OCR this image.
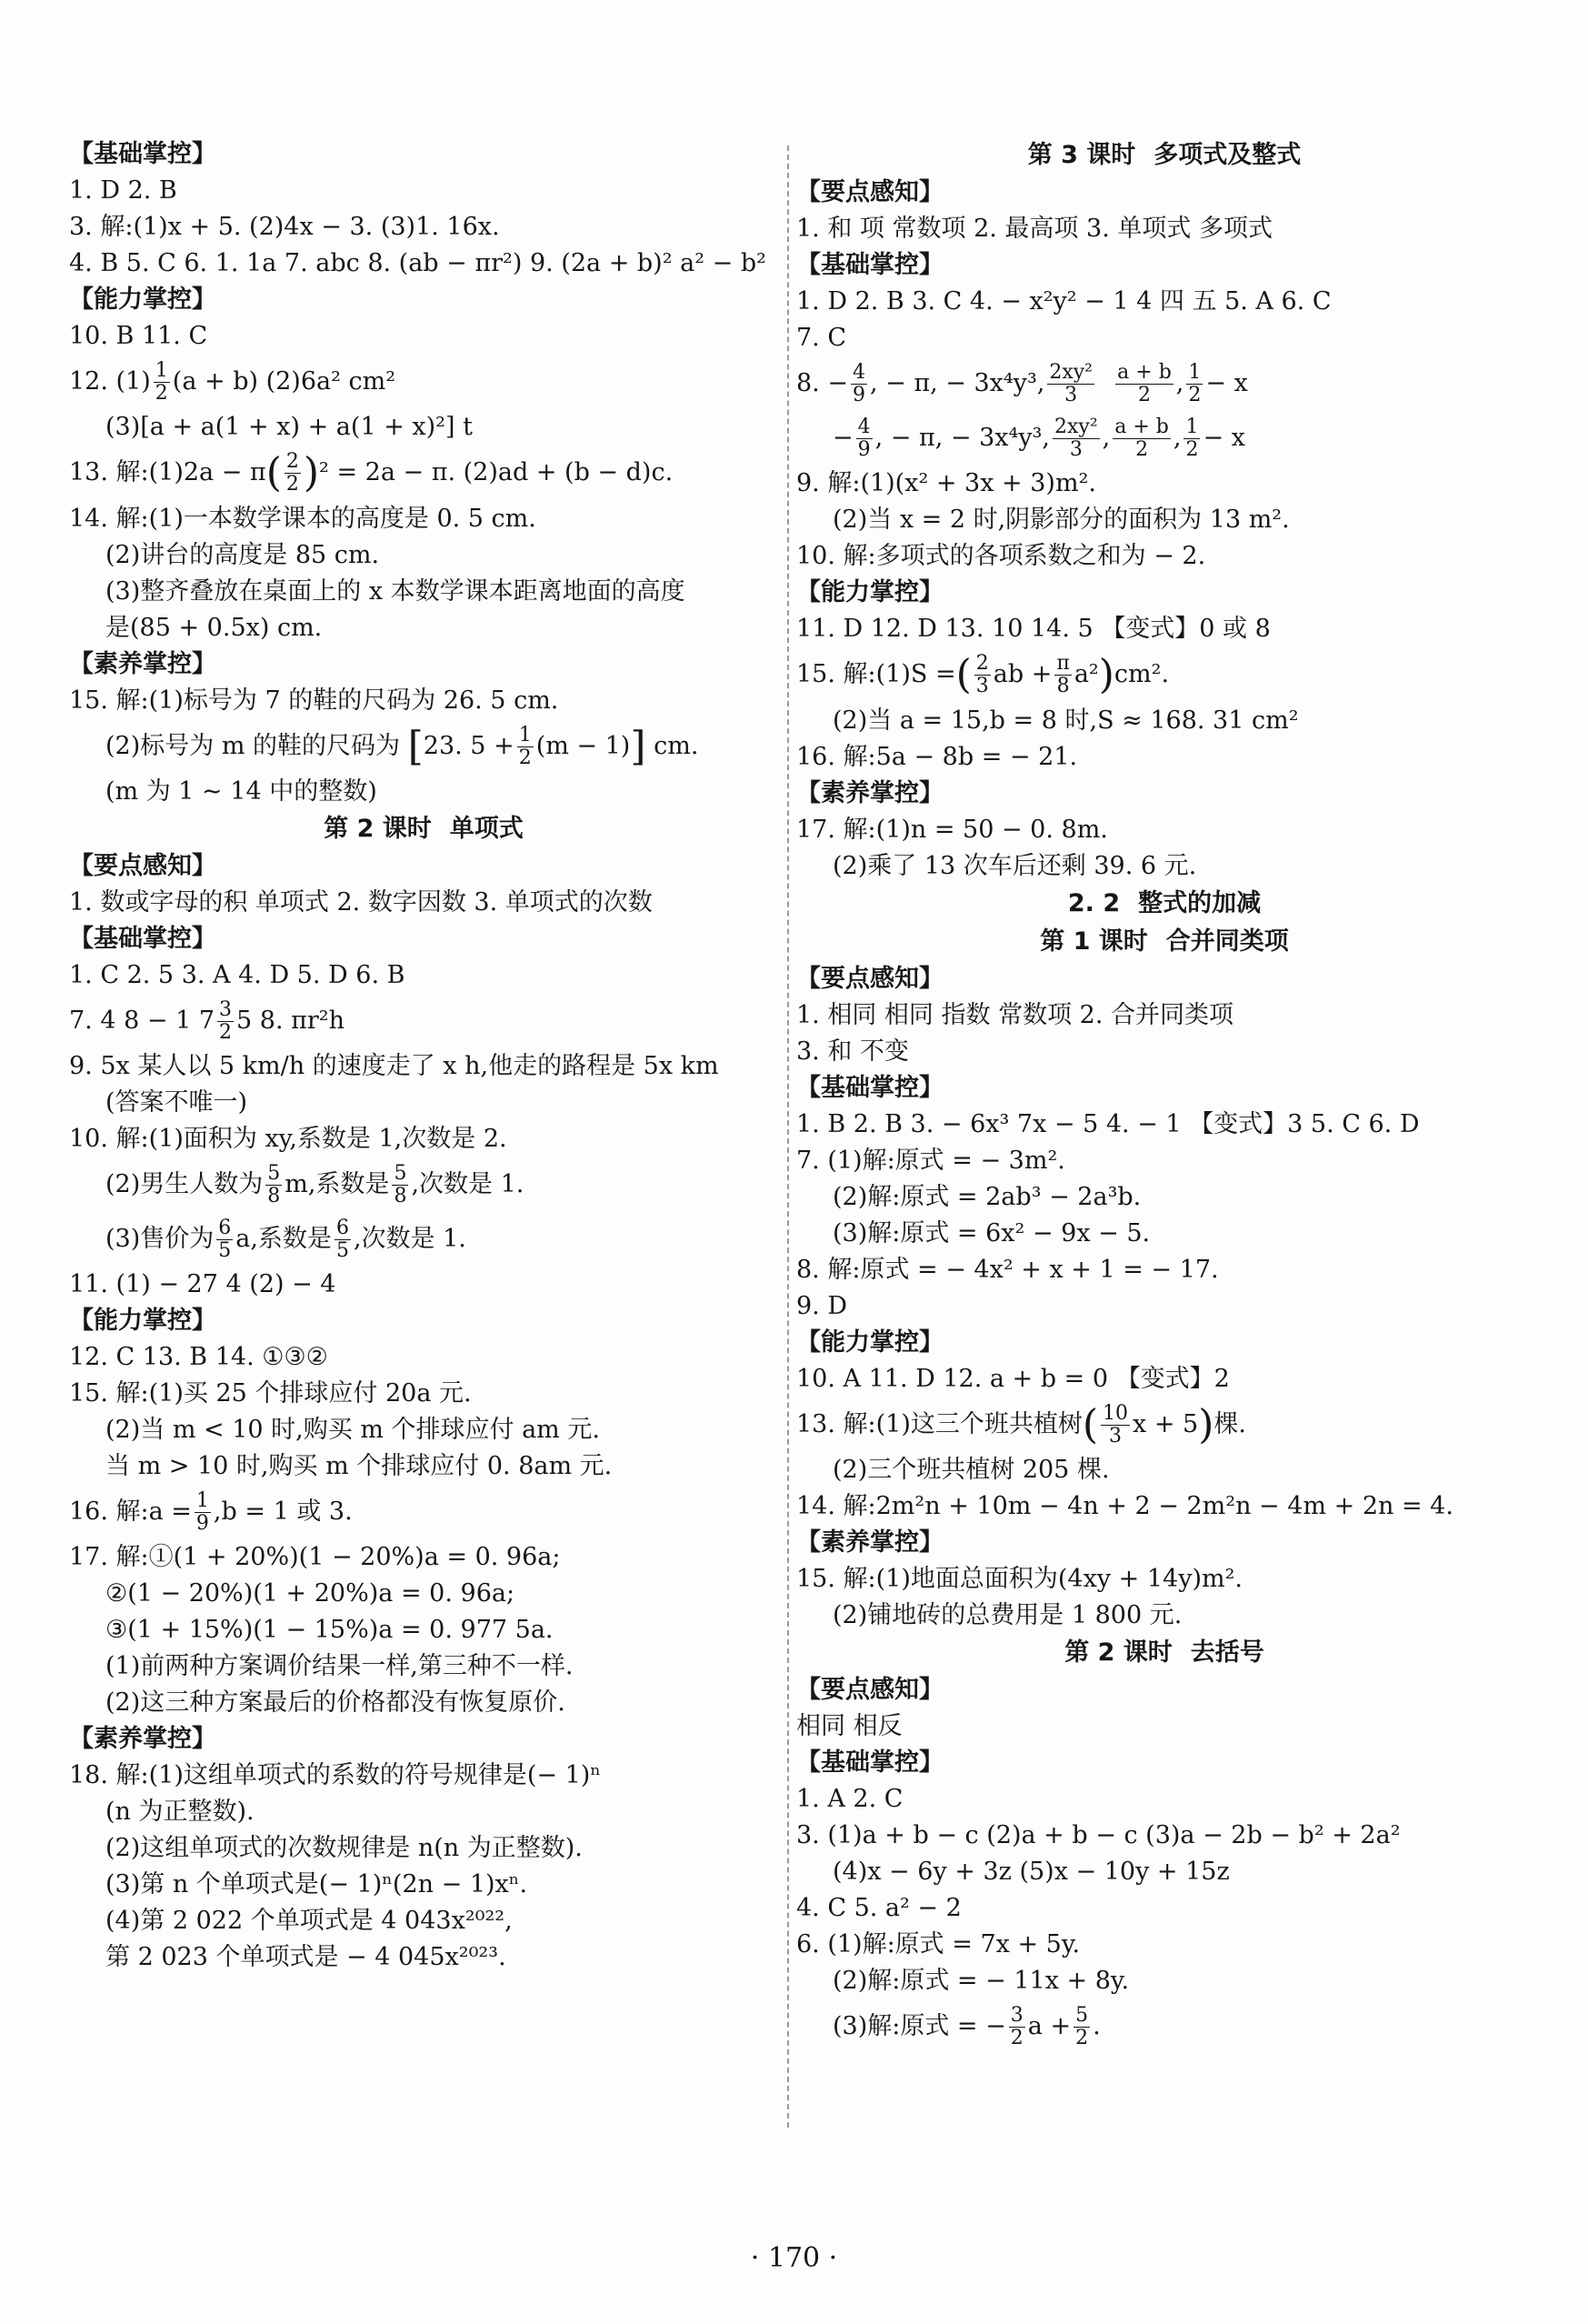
【基础掌控】
1. D 2. B
3. 解:(1)x + 5. (2)4x − 3. (3)1. 16x.
4. B 5. C 6. 1. 1a 7. abc 8. (ab − πr²) 9. (2a + b)² a² − b²
【能力掌控】
10. B 11. C
12. $(1) \frac{1}{2} (a + b)$ (2)6a² cm²
(3)[a + a(1 + x) + a(1 + x)²] t
13. 解:(1)2a − $\pi( \frac{2}{2} )^2 = 2a - \pi$. (2)ad + (b − d)c.
14. 解:(1)一本数学课本的高度是 0. 5 cm.
(2)讲台的高度是 85 cm.
(3)整齐叠放在桌面上的 x 本数学课本距离地面的高度
是(85 + 0.5x) cm.
【素养掌控】
15. 解:(1)标号为 7 的鞋的尺码为 26. 5 cm.
(2)标号为 m 的鞋的尺码为 [23. $5 + \frac{1}{2} (m - 1)$] cm.
(m 为 1 ~ 14 中的整数)
第 2 课时 单项式
【要点感知】
1. 数或字母的积 单项式 2. 数字因数 3. 单项式的次数
【基础掌控】
1. C 2. 5 3. A 4. D 5. D 6. B
7. 4 8 − 1 $7 \frac{3}{2} 5$ 8. πr²h
9. 5x 某人以 5 km/h 的速度走了 x h,他走的路程是 5x km
(答案不唯一)
10. 解:(1)面积为 xy,系数是 1,次数是 2.
(2)男生人数为 $\frac{5}{8} m$,系数是 $\frac{5}{8}$ ,次数是 1.
(3)售价为 $\frac{6}{5} a$,系数是 $\frac{6}{5}$ ,次数是 1.
11. (1) − 27 4 (2) − 4
【能力掌控】
12. C 13. B 14. ①③②
15. 解:(1)买 25 个排球应付 20a 元.
(2)当 m < 10 时,购买 m 个排球应付 am 元.
当 m > 10 时,购买 m 个排球应付 0. 8am 元.
16. 解:a = $\frac{1}{9} ,b = 1$ 或 3.
17. 解:①(1 + 20%)(1 − 20%)a = 0. 96a;
②(1 − 20%)(1 + 20%)a = 0. 96a;
③(1 + 15%)(1 − 15%)a = 0. 977 5a.
(1)前两种方案调价结果一样,第三种不一样.
(2)这三种方案最后的价格都没有恢复原价.
【素养掌控】
18. 解:(1)这组单项式的系数的符号规律是(− 1)ⁿ
(n 为正整数).
(2)这组单项式的次数规律是 n(n 为正整数).
(3)第 n 个单项式是(− 1)ⁿ(2n − 1)xⁿ.
(4)第 2 022 个单项式是 4 043x²⁰²²,
第 2 023 个单项式是 − 4 045x²⁰²³.
第 3 课时 多项式及整式
【要点感知】
1. 和 项 常数项 2. 最高项 3. 单项式 多项式
【基础掌控】
1. D 2. B 3. C 4. − x²y² − 1 4 四 五 5. A 6. C
7. C
8. − $\frac{4}{9}$ , − π, − 3x⁴y³, $\frac{\text{2xy²}}{3}$
$\frac{a + b}{2}$ , $\frac{1}{2} - x$
− $\frac{4}{9}$ , − π, − 3x⁴y³, $\frac{\text{2xy²}}{3}$ , $\frac{a + b}{2}$ , $\frac{1}{2} - x$
9. 解:(1)(x² + 3x + 3)m².
(2)当 x = 2 时,阴影部分的面积为 13 m².
10. 解:多项式的各项系数之和为 − 2.
【能力掌控】
11. D 12. D 13. 10 14. 5 【变式】0 或 8
15. 解:(1)S =( $\frac{2}{3}$ ab + $\frac{\pi}{8} a^2)cm^2$.
(2)当 a = 15,b = 8 时,S ≈ 168. 31 cm²
16. 解:5a − 8b = − 21.
【素养掌控】
17. 解:(1)n = 50 − 0. 8m.
(2)乘了 13 次车后还剩 39. 6 元.
2. 2 整式的加减
第 1 课时 合并同类项
【要点感知】
1. 相同 相同 指数 常数项 2. 合并同类项
3. 和 不变
【基础掌控】
1. B 2. B 3. − 6x³ 7x − 5 4. − 1 【变式】3 5. C 6. D
7. (1)解:原式 = − 3m².
(2)解:原式 = 2ab³ − 2a³b.
(3)解:原式 = 6x² − 9x − 5.
8. 解:原式 = − 4x² + x + 1 = − 17.
9. D
【能力掌控】
10. A 11. D 12. a + b = 0 【变式】2
13. 解:(1)这三个班共植树( $\frac{10}{3}$ x + 5)棵.
(2)三个班共植树 205 棵.
14. 解:2m²n + 10m − 4n + 2 − 2m²n − 4m + 2n = 4.
【素养掌控】
15. 解:(1)地面总面积为(4xy + 14y)m².
(2)铺地砖的总费用是 1 800 元.
第 2 课时 去括号
【要点感知】
相同 相反
【基础掌控】
1. A 2. C
3. (1)a + b − c (2)a + b − c (3)a − 2b − b² + 2a²
(4)x − 6y + 3z (5)x − 10y + 15z
4. C 5. a² − 2
6. (1)解:原式 = 7x + 5y.
(2)解:原式 = − 11x + 8y.
(3)解:原式 = − $\frac{3}{2}$ $a + \frac{5}{2}$ .
· 170 ·
